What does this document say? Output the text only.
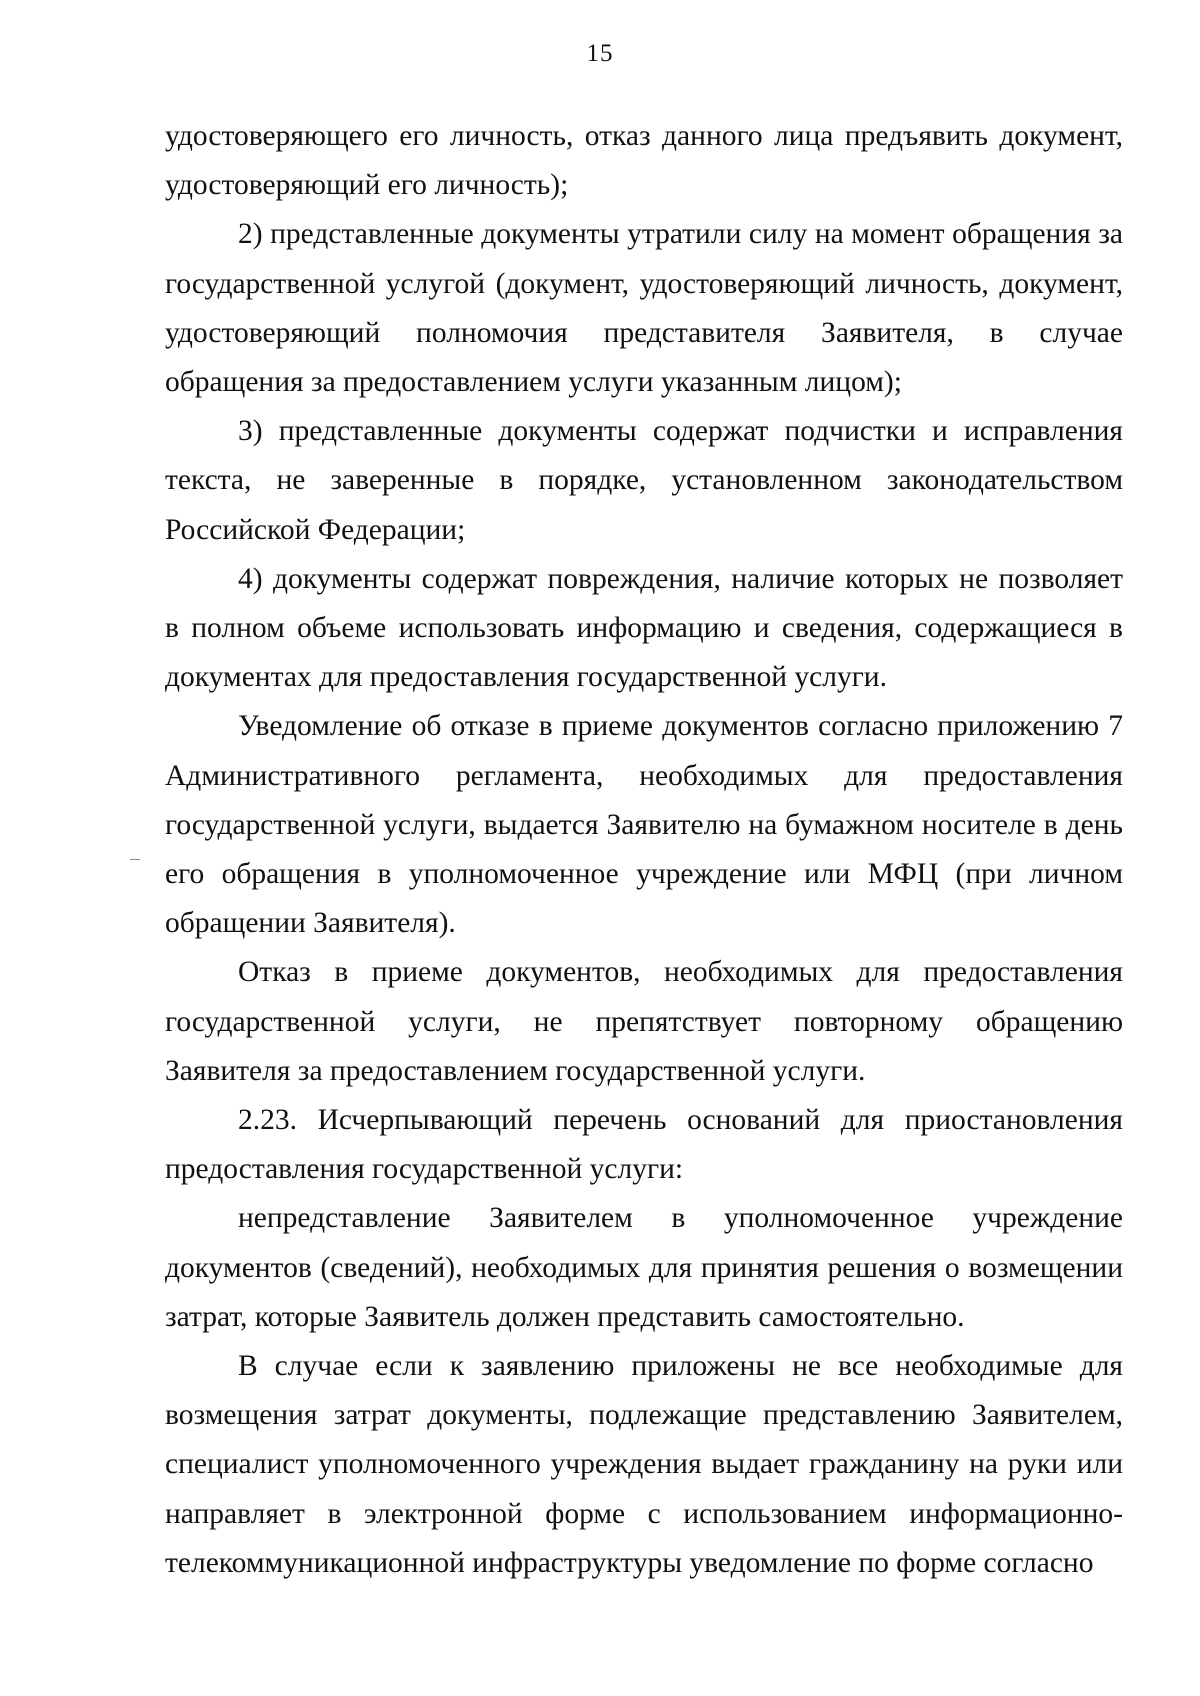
15

удостоверяющего его личность, отказ данного лица предъявить документ, удостоверяющий его личность);

2) представленные документы утратили силу на момент обращения за государственной услугой (документ, удостоверяющий личность, документ, удостоверяющий полномочия представителя Заявителя, в случае обращения за предоставлением услуги указанным лицом);

3) представленные документы содержат подчистки и исправления текста, не заверенные в порядке, установленном законодательством Российской Федерации;

4) документы содержат повреждения, наличие которых не позволяет в полном объеме использовать информацию и сведения, содержащиеся в документах для предоставления государственной услуги.

Уведомление об отказе в приеме документов согласно приложению 7 Административного регламента, необходимых для предоставления государственной услуги, выдается Заявителю на бумажном носителе в день его обращения в уполномоченное учреждение или МФЦ (при личном обращении Заявителя).

Отказ в приеме документов, необходимых для предоставления государственной услуги, не препятствует повторному обращению Заявителя за предоставлением государственной услуги.

2.23. Исчерпывающий перечень оснований для приостановления предоставления государственной услуги:

непредставление Заявителем в уполномоченное учреждение документов (сведений), необходимых для принятия решения о возмещении затрат, которые Заявитель должен представить самостоятельно.

В случае если к заявлению приложены не все необходимые для возмещения затрат документы, подлежащие представлению Заявителем, специалист уполномоченного учреждения выдает гражданину на руки или направляет в электронной форме с использованием информационно-телекоммуникационной инфраструктуры уведомление по форме согласно
